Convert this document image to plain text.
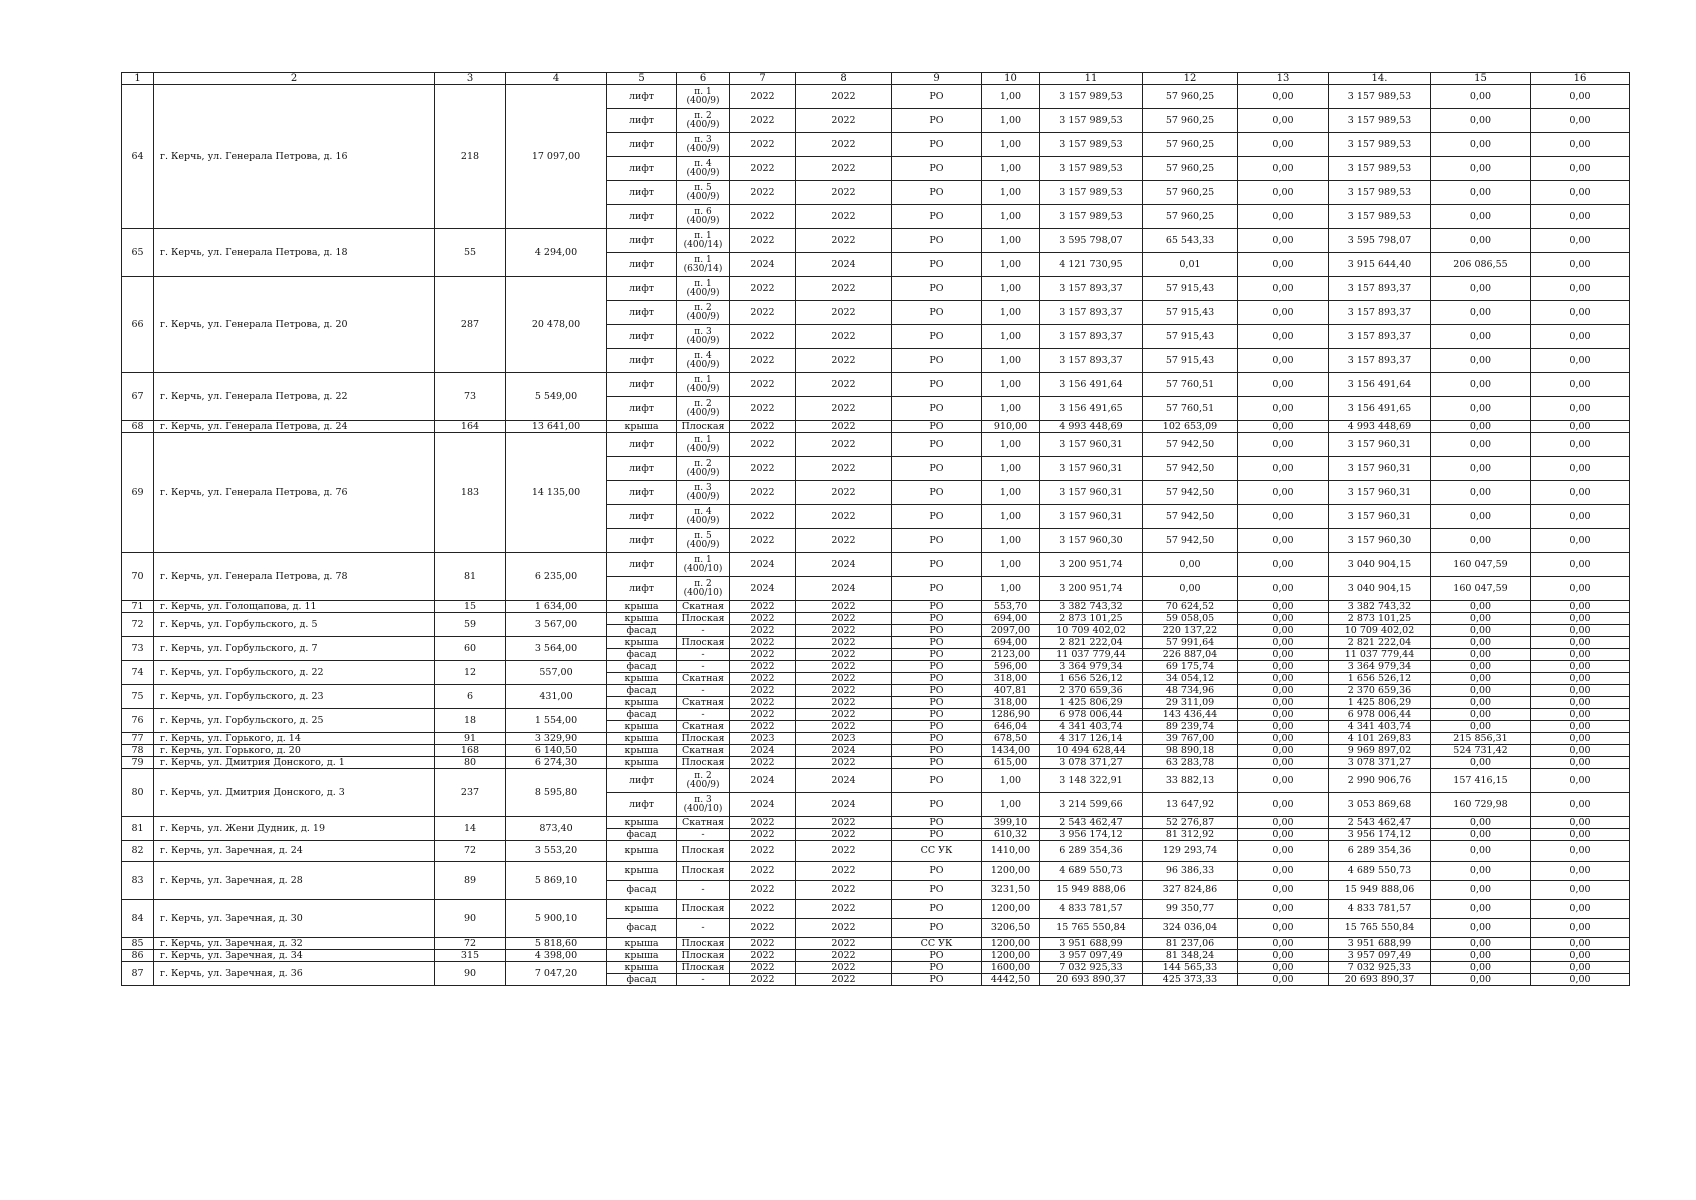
1	2	3	4	5	6	7	8	9	10	11	12	13	14.	15	16
64	г. Керчь, ул. Генерала Петрова, д. 16	218	17 097,00	лифт	п. 1 (400/9)	2022	2022	РО	1,00	3 157 989,53	57 960,25	0,00	3 157 989,53	0,00	0,00
				лифт	п. 2 (400/9)	2022	2022	РО	1,00	3 157 989,53	57 960,25	0,00	3 157 989,53	0,00	0,00
				лифт	п. 3 (400/9)	2022	2022	РО	1,00	3 157 989,53	57 960,25	0,00	3 157 989,53	0,00	0,00
				лифт	п. 4 (400/9)	2022	2022	РО	1,00	3 157 989,53	57 960,25	0,00	3 157 989,53	0,00	0,00
				лифт	п. 5 (400/9)	2022	2022	РО	1,00	3 157 989,53	57 960,25	0,00	3 157 989,53	0,00	0,00
				лифт	п. 6 (400/9)	2022	2022	РО	1,00	3 157 989,53	57 960,25	0,00	3 157 989,53	0,00	0,00
65	г. Керчь, ул. Генерала Петрова, д. 18	55	4 294,00	лифт	п. 1 (400/14)	2022	2022	РО	1,00	3 595 798,07	65 543,33	0,00	3 595 798,07	0,00	0,00
				лифт	п. 1 (630/14)	2024	2024	РО	1,00	4 121 730,95	0,01	0,00	3 915 644,40	206 086,55	0,00
66	г. Керчь, ул. Генерала Петрова, д. 20	287	20 478,00	лифт	п. 1 (400/9)	2022	2022	РО	1,00	3 157 893,37	57 915,43	0,00	3 157 893,37	0,00	0,00
				лифт	п. 2 (400/9)	2022	2022	РО	1,00	3 157 893,37	57 915,43	0,00	3 157 893,37	0,00	0,00
				лифт	п. 3 (400/9)	2022	2022	РО	1,00	3 157 893,37	57 915,43	0,00	3 157 893,37	0,00	0,00
				лифт	п. 4 (400/9)	2022	2022	РО	1,00	3 157 893,37	57 915,43	0,00	3 157 893,37	0,00	0,00
67	г. Керчь, ул. Генерала Петрова, д. 22	73	5 549,00	лифт	п. 1 (400/9)	2022	2022	РО	1,00	3 156 491,64	57 760,51	0,00	3 156 491,64	0,00	0,00
				лифт	п. 2 (400/9)	2022	2022	РО	1,00	3 156 491,65	57 760,51	0,00	3 156 491,65	0,00	0,00
68	г. Керчь, ул. Генерала Петрова, д. 24	164	13 641,00	крыша	Плоская	2022	2022	РО	910,00	4 993 448,69	102 653,09	0,00	4 993 448,69	0,00	0,00
69	г. Керчь, ул. Генерала Петрова, д. 76	183	14 135,00	лифт	п. 1 (400/9)	2022	2022	РО	1,00	3 157 960,31	57 942,50	0,00	3 157 960,31	0,00	0,00
				лифт	п. 2 (400/9)	2022	2022	РО	1,00	3 157 960,31	57 942,50	0,00	3 157 960,31	0,00	0,00
				лифт	п. 3 (400/9)	2022	2022	РО	1,00	3 157 960,31	57 942,50	0,00	3 157 960,31	0,00	0,00
				лифт	п. 4 (400/9)	2022	2022	РО	1,00	3 157 960,31	57 942,50	0,00	3 157 960,31	0,00	0,00
				лифт	п. 5 (400/9)	2022	2022	РО	1,00	3 157 960,30	57 942,50	0,00	3 157 960,30	0,00	0,00
70	г. Керчь, ул. Генерала Петрова, д. 78	81	6 235,00	лифт	п. 1 (400/10)	2024	2024	РО	1,00	3 200 951,74	0,00	0,00	3 040 904,15	160 047,59	0,00
				лифт	п. 2 (400/10)	2024	2024	РО	1,00	3 200 951,74	0,00	0,00	3 040 904,15	160 047,59	0,00
71	г. Керчь, ул. Голощапова, д. 11	15	1 634,00	крыша	Скатная	2022	2022	РО	553,70	3 382 743,32	70 624,52	0,00	3 382 743,32	0,00	0,00
72	г. Керчь, ул. Горбульского, д. 5	59	3 567,00	крыша	Плоская	2022	2022	РО	694,00	2 873 101,25	59 058,05	0,00	2 873 101,25	0,00	0,00
				фасад	-	2022	2022	РО	2097,00	10 709 402,02	220 137,22	0,00	10 709 402,02	0,00	0,00
73	г. Керчь, ул. Горбульского, д. 7	60	3 564,00	крыша	Плоская	2022	2022	РО	694,00	2 821 222,04	57 991,64	0,00	2 821 222,04	0,00	0,00
				фасад	-	2022	2022	РО	2123,00	11 037 779,44	226 887,04	0,00	11 037 779,44	0,00	0,00
74	г. Керчь, ул. Горбульского, д. 22	12	557,00	фасад	-	2022	2022	РО	596,00	3 364 979,34	69 175,74	0,00	3 364 979,34	0,00	0,00
				крыша	Скатная	2022	2022	РО	318,00	1 656 526,12	34 054,12	0,00	1 656 526,12	0,00	0,00
75	г. Керчь, ул. Горбульского, д. 23	6	431,00	фасад	-	2022	2022	РО	407,81	2 370 659,36	48 734,96	0,00	2 370 659,36	0,00	0,00
				крыша	Скатная	2022	2022	РО	318,00	1 425 806,29	29 311,09	0,00	1 425 806,29	0,00	0,00
76	г. Керчь, ул. Горбульского, д. 25	18	1 554,00	фасад	-	2022	2022	РО	1286,90	6 978 006,44	143 436,44	0,00	6 978 006,44	0,00	0,00
				крыша	Скатная	2022	2022	РО	646,04	4 341 403,74	89 239,74	0,00	4 341 403,74	0,00	0,00
77	г. Керчь, ул. Горького, д. 14	91	3 329,90	крыша	Плоская	2023	2023	РО	678,50	4 317 126,14	39 767,00	0,00	4 101 269,83	215 856,31	0,00
78	г. Керчь, ул. Горького, д. 20	168	6 140,50	крыша	Скатная	2024	2024	РО	1434,00	10 494 628,44	98 890,18	0,00	9 969 897,02	524 731,42	0,00
79	г. Керчь, ул. Дмитрия Донского, д. 1	80	6 274,30	крыша	Плоская	2022	2022	РО	615,00	3 078 371,27	63 283,78	0,00	3 078 371,27	0,00	0,00
80	г. Керчь, ул. Дмитрия Донского, д. 3	237	8 595,80	лифт	п. 2 (400/9)	2024	2024	РО	1,00	3 148 322,91	33 882,13	0,00	2 990 906,76	157 416,15	0,00
				лифт	п. 3 (400/10)	2024	2024	РО	1,00	3 214 599,66	13 647,92	0,00	3 053 869,68	160 729,98	0,00
81	г. Керчь, ул. Жени Дудник, д. 19	14	873,40	крыша	Скатная	2022	2022	РО	399,10	2 543 462,47	52 276,87	0,00	2 543 462,47	0,00	0,00
				фасад	-	2022	2022	РО	610,32	3 956 174,12	81 312,92	0,00	3 956 174,12	0,00	0,00
82	г. Керчь, ул. Заречная, д. 24	72	3 553,20	крыша	Плоская	2022	2022	СС УК	1410,00	6 289 354,36	129 293,74	0,00	6 289 354,36	0,00	0,00
83	г. Керчь, ул. Заречная, д. 28	89	5 869,10	крыша	Плоская	2022	2022	РО	1200,00	4 689 550,73	96 386,33	0,00	4 689 550,73	0,00	0,00
				фасад	-	2022	2022	РО	3231,50	15 949 888,06	327 824,86	0,00	15 949 888,06	0,00	0,00
84	г. Керчь, ул. Заречная, д. 30	90	5 900,10	крыша	Плоская	2022	2022	РО	1200,00	4 833 781,57	99 350,77	0,00	4 833 781,57	0,00	0,00
				фасад	-	2022	2022	РО	3206,50	15 765 550,84	324 036,04	0,00	15 765 550,84	0,00	0,00
85	г. Керчь, ул. Заречная, д. 32	72	5 818,60	крыша	Плоская	2022	2022	СС УК	1200,00	3 951 688,99	81 237,06	0,00	3 951 688,99	0,00	0,00
86	г. Керчь, ул. Заречная, д. 34	315	4 398,00	крыша	Плоская	2022	2022	РО	1200,00	3 957 097,49	81 348,24	0,00	3 957 097,49	0,00	0,00
87	г. Керчь, ул. Заречная, д. 36	90	7 047,20	крыша	Плоская	2022	2022	РО	1600,00	7 032 925,33	144 565,33	0,00	7 032 925,33	0,00	0,00
				фасад	-	2022	2022	РО	4442,50	20 693 890,37	425 373,33	0,00	20 693 890,37	0,00	0,00
